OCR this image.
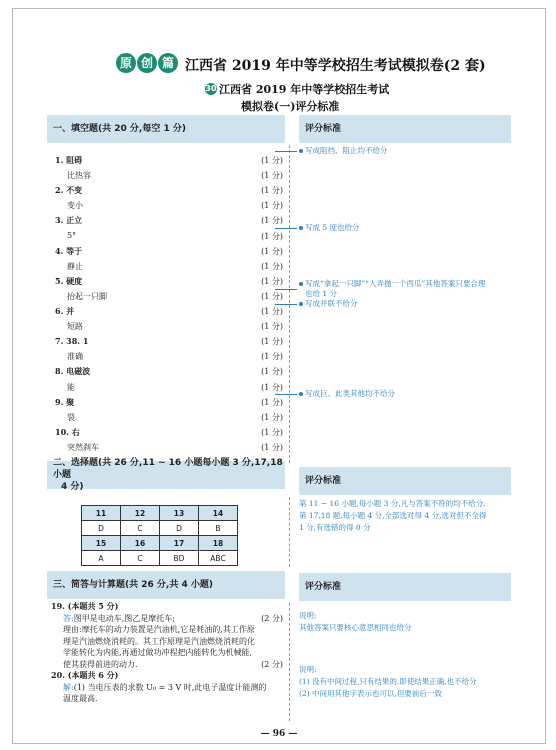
原 创 篇 江西省 2019 年中等学校招生考试模拟卷(2 套)
30 江西省 2019 年中等学校招生考试
模拟卷(一)评分标准
一、填空题(共 20 分,每空 1 分)	评分标准
1. 阻碍	(1 分)
比热容	(1 分)
2. 不变	(1 分)
变小	(1 分)
3. 正立	(1 分)
5°	(1 分)
4. 等于	(1 分)
静止	(1 分)
5. 硬度	(1 分)
抬起一只脚	(1 分)
6. 并	(1 分)
短路	(1 分)
7. 38. 1	(1 分)
准确	(1 分)
8. 电磁波	(1 分)
能	(1 分)
9. 聚	(1 分)
裂	(1 分)
10. 右	(1 分)
突然刹车	(1 分)
写成阻挡、阻止均不给分
写成 5 度也给分
写成“拿起一只脚”“人弄抛一个西瓜”其他答案只要合理
也给 1 分
写成并联不给分
写成巨、此类其他均不给分
二、选择题(共 26 分,11 ~ 16 小题每小题 3 分,17,18 小题
4 分)
评分标准
11	12	13	14
D	C	D	B
15	16	17	18
A	C	BD	ABC
第 11 ~ 16 小题,每小题 3 分,凡与答案不符的均不给分.
第 17,18 题,每小题 4 分,全部选对得 4 分,选对但不全得
1 分,有选错的得 0 分
三、简答与计算题(共 26 分,共 4 小题)	评分标准
19. (本题共 5 分)
答:图甲是电动车,图乙是摩托车;	(2 分)
理由:摩托车的动力装置是汽油机,它是耗油的,其工作原
理是汽油燃烧消耗的。其工作原理是汽油燃烧消耗的化
学能转化为内能,再通过做功冲程把内能转化为机械能,
使其获得前进的动力.	(2 分)
20. (本题共 6 分)
解:(1) 当电压表的求数 U₀ = 3 V 时,此电子温度计能测的
温度最高.
说明:
其他答案只要核心意思相同也给分
说明:
(1) 没有中间过程,只有结果的,即使结果正确,也不给分
(2) 中间用其他字表示也可以,但要前后一致
— 96 —
